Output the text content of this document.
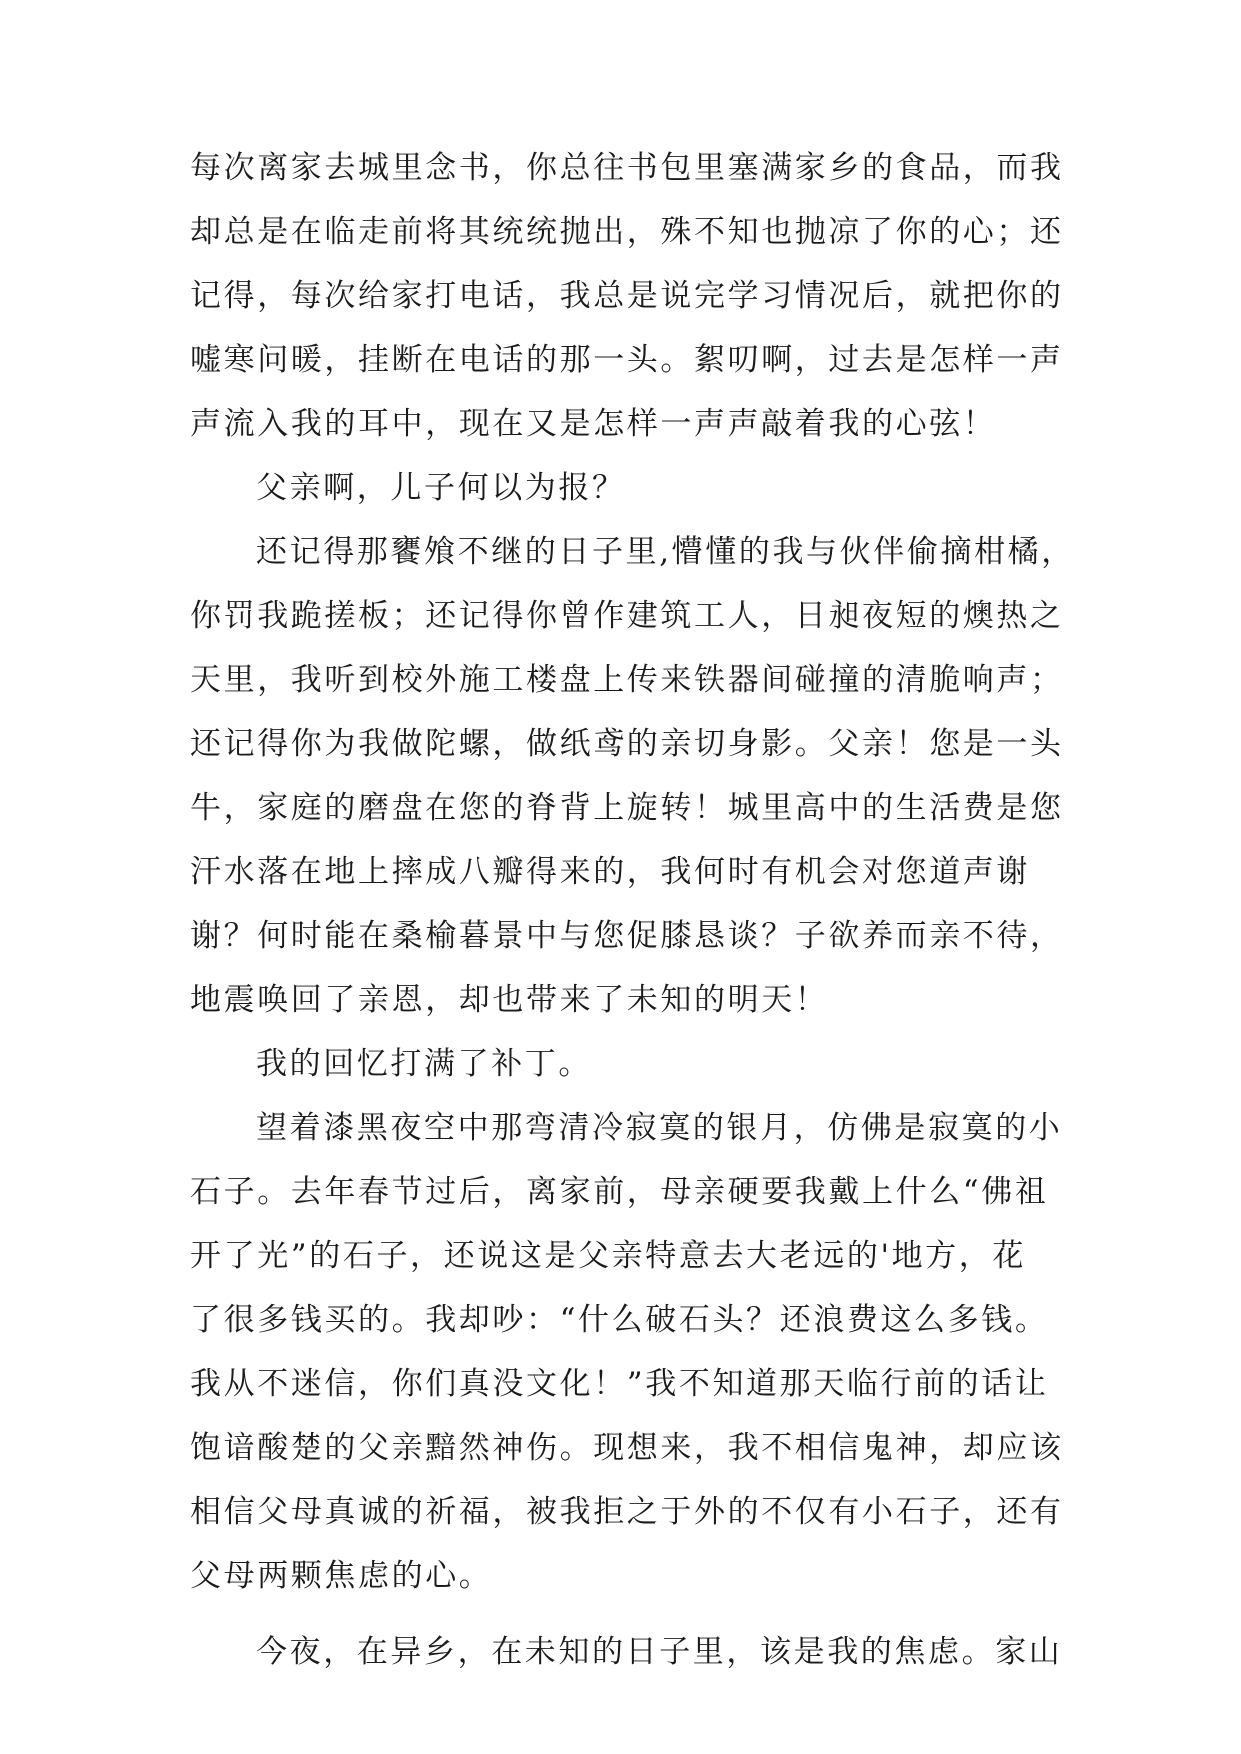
每次离家去城里念书，你总往书包里塞满家乡的食品，而我
却总是在临走前将其统统抛出，殊不知也抛凉了你的心；还
记得，每次给家打电话，我总是说完学习情况后，就把你的
嘘寒问暖，挂断在电话的那一头。絮叨啊，过去是怎样一声
声流入我的耳中，现在又是怎样一声声敲着我的心弦！
父亲啊，儿子何以为报？
还记得那饔飧不继的日子里,懵懂的我与伙伴偷摘柑橘，
你罚我跪搓板；还记得你曾作建筑工人，日昶夜短的燠热之
天里，我听到校外施工楼盘上传来铁器间碰撞的清脆响声；
还记得你为我做陀螺，做纸鸢的亲切身影。父亲！您是一头
牛，家庭的磨盘在您的脊背上旋转！城里高中的生活费是您
汗水落在地上摔成八瓣得来的，我何时有机会对您道声谢
谢？何时能在桑榆暮景中与您促膝恳谈？子欲养而亲不待，
地震唤回了亲恩，却也带来了未知的明天！
我的回忆打满了补丁。
望着漆黑夜空中那弯清冷寂寞的银月，仿佛是寂寞的小
石子。去年春节过后，离家前，母亲硬要我戴上什么“佛祖
开了光”的石子，还说这是父亲特意去大老远的'地方，花
了很多钱买的。我却吵：“什么破石头？还浪费这么多钱。
我从不迷信，你们真没文化！”我不知道那天临行前的话让
饱谙酸楚的父亲黯然神伤。现想来，我不相信鬼神，却应该
相信父母真诚的祈福，被我拒之于外的不仅有小石子，还有
父母两颗焦虑的心。
今夜，在异乡，在未知的日子里，该是我的焦虑。家山
